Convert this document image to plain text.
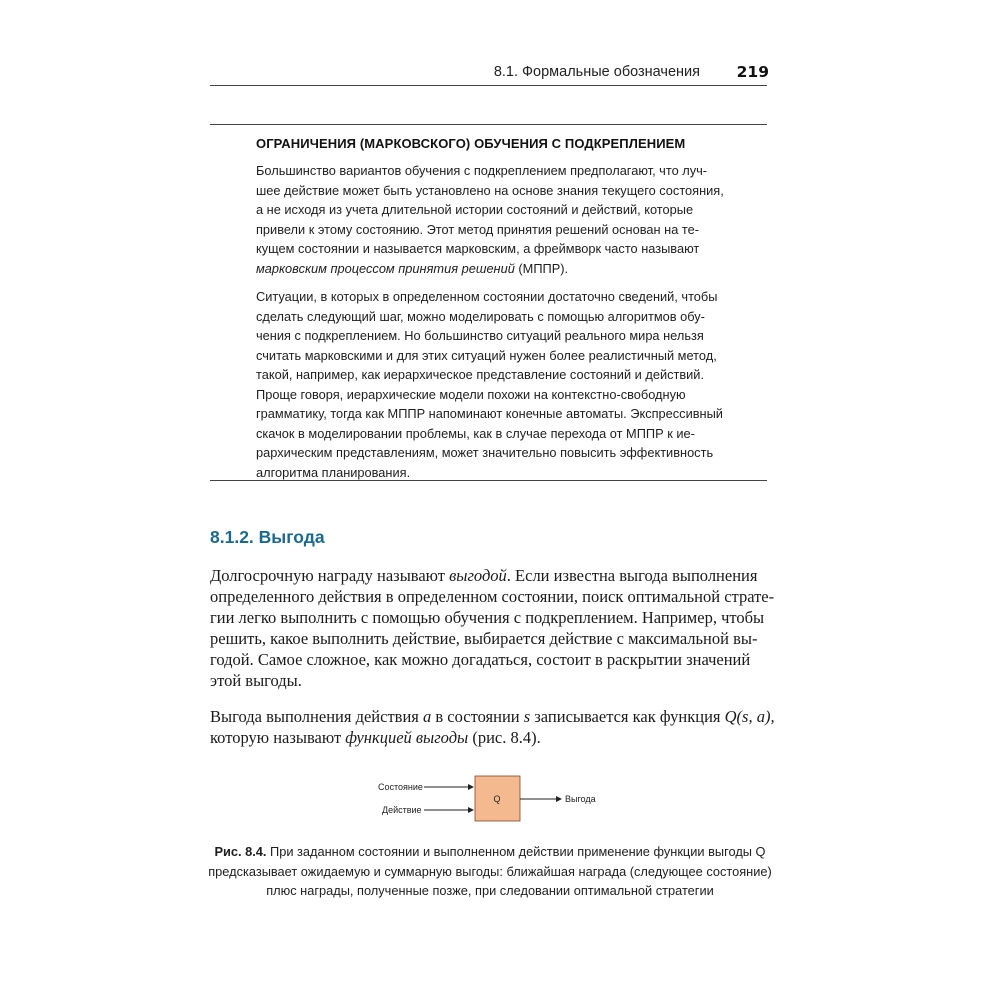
8.1. Формальные обозначения 219
ОГРАНИЧЕНИЯ (МАРКОВСКОГО) ОБУЧЕНИЯ С ПОДКРЕПЛЕНИЕМ
Большинство вариантов обучения с подкреплением предполагают, что луч-
шее действие может быть установлено на основе знания текущего состояния,
а не исходя из учета длительной истории состояний и действий, которые
привели к этому состоянию. Этот метод принятия решений основан на те-
кущем состоянии и называется марковским, а фреймворк часто называют
марковским процессом принятия решений (МППР).
Ситуации, в которых в определенном состоянии достаточно сведений, чтобы
сделать следующий шаг, можно моделировать с помощью алгоритмов обу-
чения с подкреплением. Но большинство ситуаций реального мира нельзя
считать марковскими и для этих ситуаций нужен более реалистичный метод,
такой, например, как иерархическое представление состояний и действий.
Проще говоря, иерархические модели похожи на контекстно-свободную
грамматику, тогда как МППР напоминают конечные автоматы. Экспрессивный
скачок в моделировании проблемы, как в случае перехода от МППР к ие-
рархическим представлениям, может значительно повысить эффективность
алгоритма планирования.
8.1.2. Выгода
Долгосрочную награду называют выгодой. Если известна выгода выполнения
определенного действия в определенном состоянии, поиск оптимальной страте-
гии легко выполнить с помощью обучения с подкреплением. Например, чтобы
решить, какое выполнить действие, выбирается действие с максимальной вы-
годой. Самое сложное, как можно догадаться, состоит в раскрытии значений
этой выгоды.
Выгода выполнения действия a в состоянии s записывается как функция Q(s, a),
которую называют функцией выгоды (рис. 8.4).
Состояние
Действие
Q	Выгода
Рис. 8.4. При заданном состоянии и выполненном действии применение функции выгоды Q
предсказывает ожидаемую и суммарную выгоды: ближайшая награда (следующее состояние)
плюс награды, полученные позже, при следовании оптимальной стратегии
